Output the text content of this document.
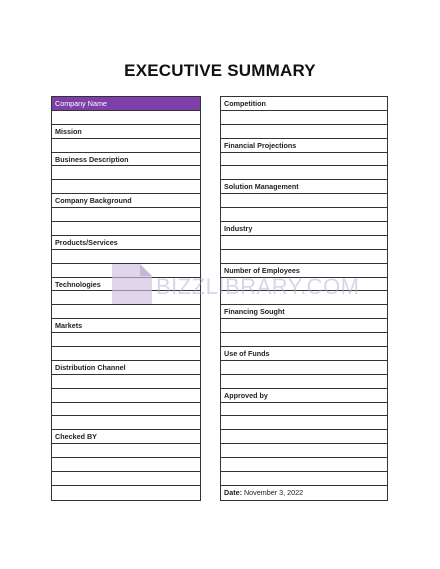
EXECUTIVE SUMMARY
Company Name
Mission
Business Description
Company Background
Products/Services
Technologies
Markets
Distribution Channel
Checked BY
Competition
Financial Projections
Solution Management
Industry
Number of Employees
Financing Sought
Use of Funds
Approved by
Date: November 3, 2022
BIZZLIBRARY.COM
